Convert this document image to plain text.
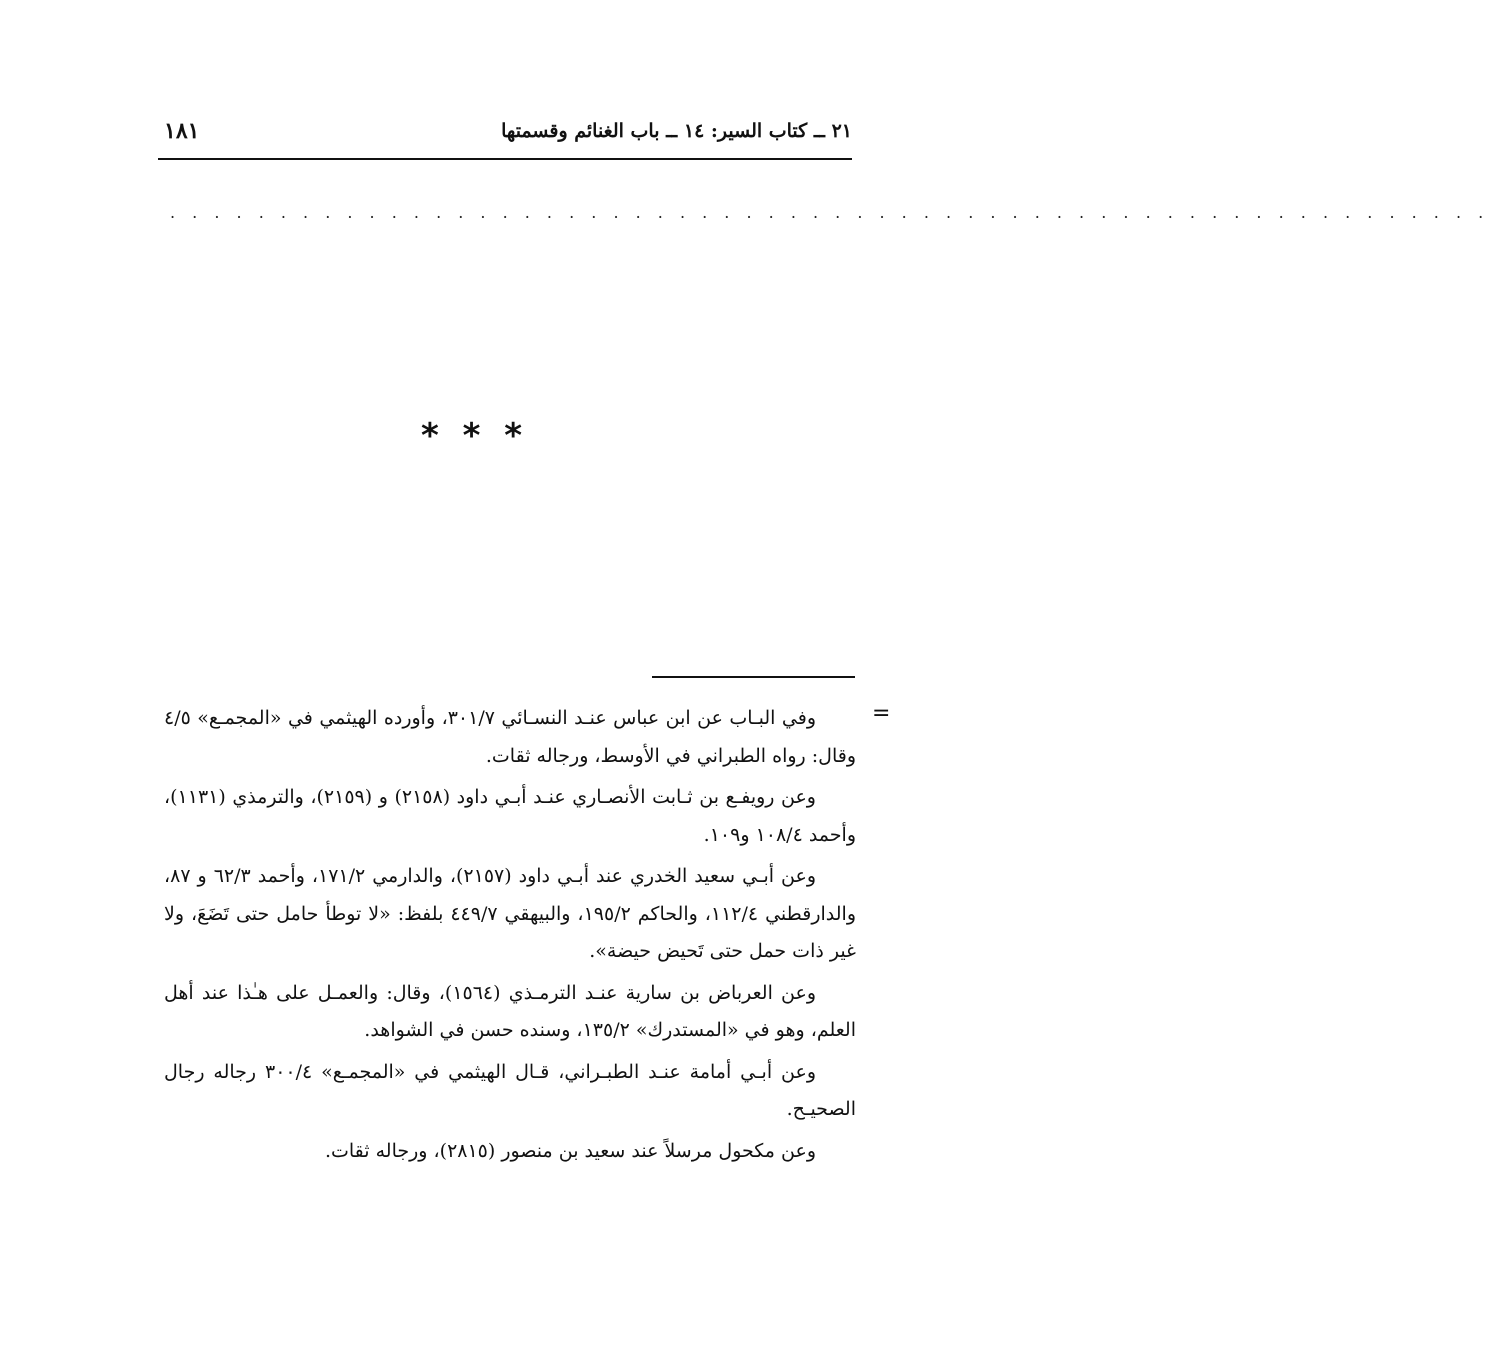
٢١ ــ كتاب السير: ١٤ ــ باب الغنائم وقسمتها
١٨١
. . . . . . . . . . . . . . . . . . . . . . . . . . . . . . . . . . . . . . . . . . . . . . . . . . . . . . . . . . . .
* * *
=

وفي البـاب عن ابن عباس عنـد النسـائي ٣٠١/٧، وأورده الهيثمي في «المجمـع» ٤/٥ وقال: رواه الطبراني في الأوسط، ورجاله ثقات.

وعن رويفـع بن ثـابت الأنصـاري عنـد أبـي داود (٢١٥٨) و (٢١٥٩)، والترمذي (١١٣١)، وأحمد ١٠٨/٤ و١٠٩.

وعن أبـي سعيد الخدري عند أبـي داود (٢١٥٧)، والدارمي ١٧١/٢، وأحمد ٦٢/٣ و ٨٧، والدارقطني ١١٢/٤، والحاكم ١٩٥/٢، والبيهقي ٤٤٩/٧ بلفظ: «لا توطأ حامل حتى تَضَعَ، ولا غير ذات حمل حتى تَحيض حيضة».

وعن العرباض بن سارية عنـد الترمـذي (١٥٦٤)، وقال: والعمـل على هـٰذا عند أهل العلم، وهو في «المستدرك» ١٣٥/٢، وسنده حسن في الشواهد.

وعن أبـي أمامة عنـد الطبـراني، قـال الهيثمي في «المجمـع» ٣٠٠/٤ رجاله رجال الصحيـح.

وعن مكحول مرسلاً عند سعيد بن منصور (٢٨١٥)، ورجاله ثقات.
